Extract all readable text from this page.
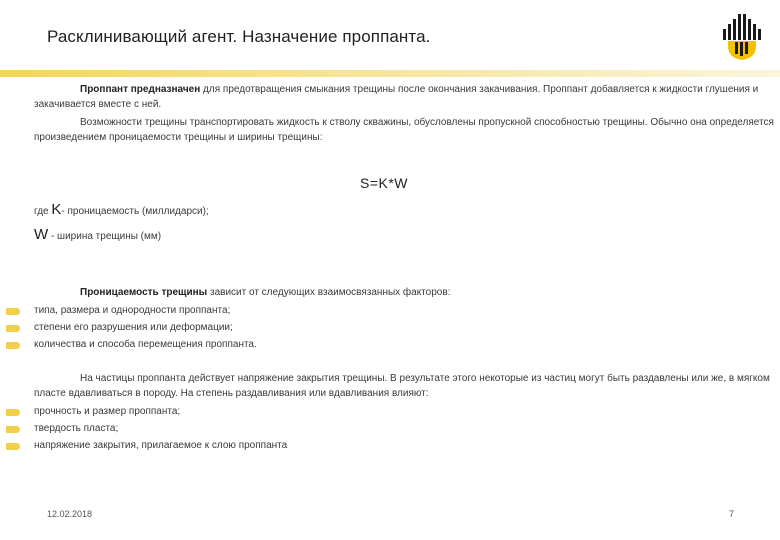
Расклинивающий агент. Назначение проппанта.
Проппант предназначен для предотвращения смыкания трещины после окончания закачивания. Проппант добавляется к жидкости глушения и закачивается вместе с ней.
Возможности трещины транспортировать жидкость к стволу скважины, обусловлены пропускной способностью трещины. Обычно она определяется произведением проницаемости трещины и ширины трещины:
S=K*W
где K- проницаемость (миллидарси);
W - ширина трещины (мм)
Проницаемость трещины зависит от следующих взаимосвязанных факторов:
типа, размера и однородности проппанта;
степени его разрушения или деформации;
количества и способа перемещения проппанта.
На частицы проппанта действует напряжение закрытия трещины. В результате этого некоторые из частиц могут быть раздавлены или же, в мягком пласте вдавливаться в породу. На степень раздавливания или вдавливания влияют:
прочность и размер проппанта;
твердость пласта;
напряжение закрытия, прилагаемое к слою проппанта
12.02.2018	7
